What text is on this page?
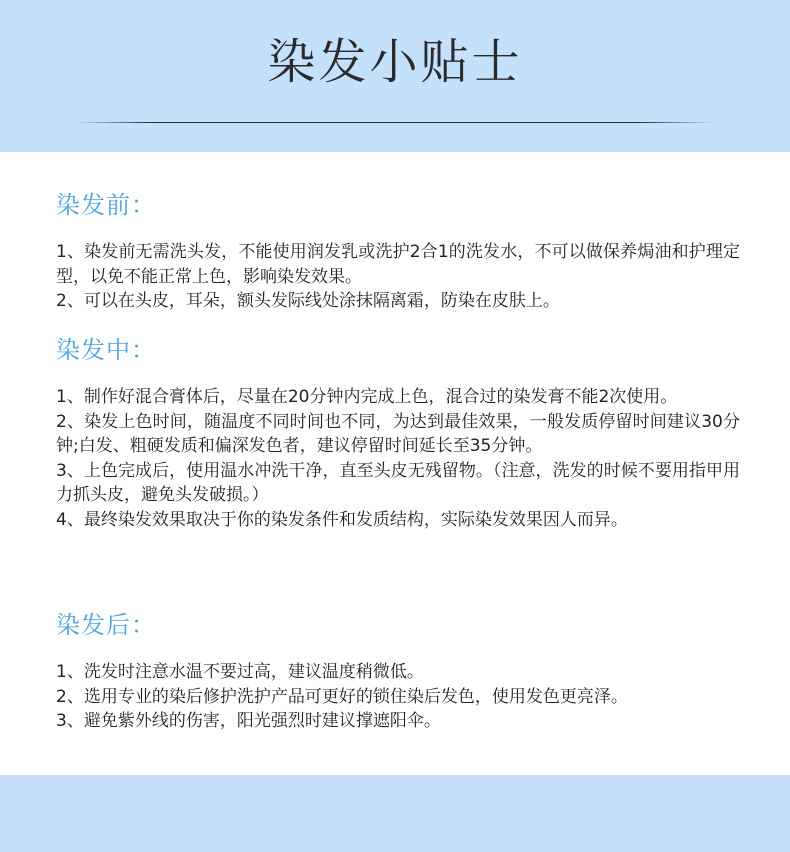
染发小贴士
染发前：

1、染发前无需洗头发，不能使用润发乳或洗护2合1的洗发水，不可以做保养焗油和护理定型，以免不能正常上色，影响染发效果。

2、可以在头皮，耳朵，额头发际线处涂抹隔离霜，防染在皮肤上。

染发中：

1、制作好混合膏体后，尽量在20分钟内完成上色，混合过的染发膏不能2次使用。

2、染发上色时间，随温度不同时间也不同，为达到最佳效果，一般发质停留时间建议30分钟;白发、粗硬发质和偏深发色者，建议停留时间延长至35分钟。

3、上色完成后，使用温水冲洗干净，直至头皮无残留物。（注意，洗发的时候不要用指甲用力抓头皮，避免头发破损。）

4、最终染发效果取决于你的染发条件和发质结构，实际染发效果因人而异。

染发后：

1、洗发时注意水温不要过高，建议温度稍微低。

2、选用专业的染后修护洗护产品可更好的锁住染后发色，使用发色更亮泽。

3、避免紫外线的伤害，阳光强烈时建议撑遮阳伞。
